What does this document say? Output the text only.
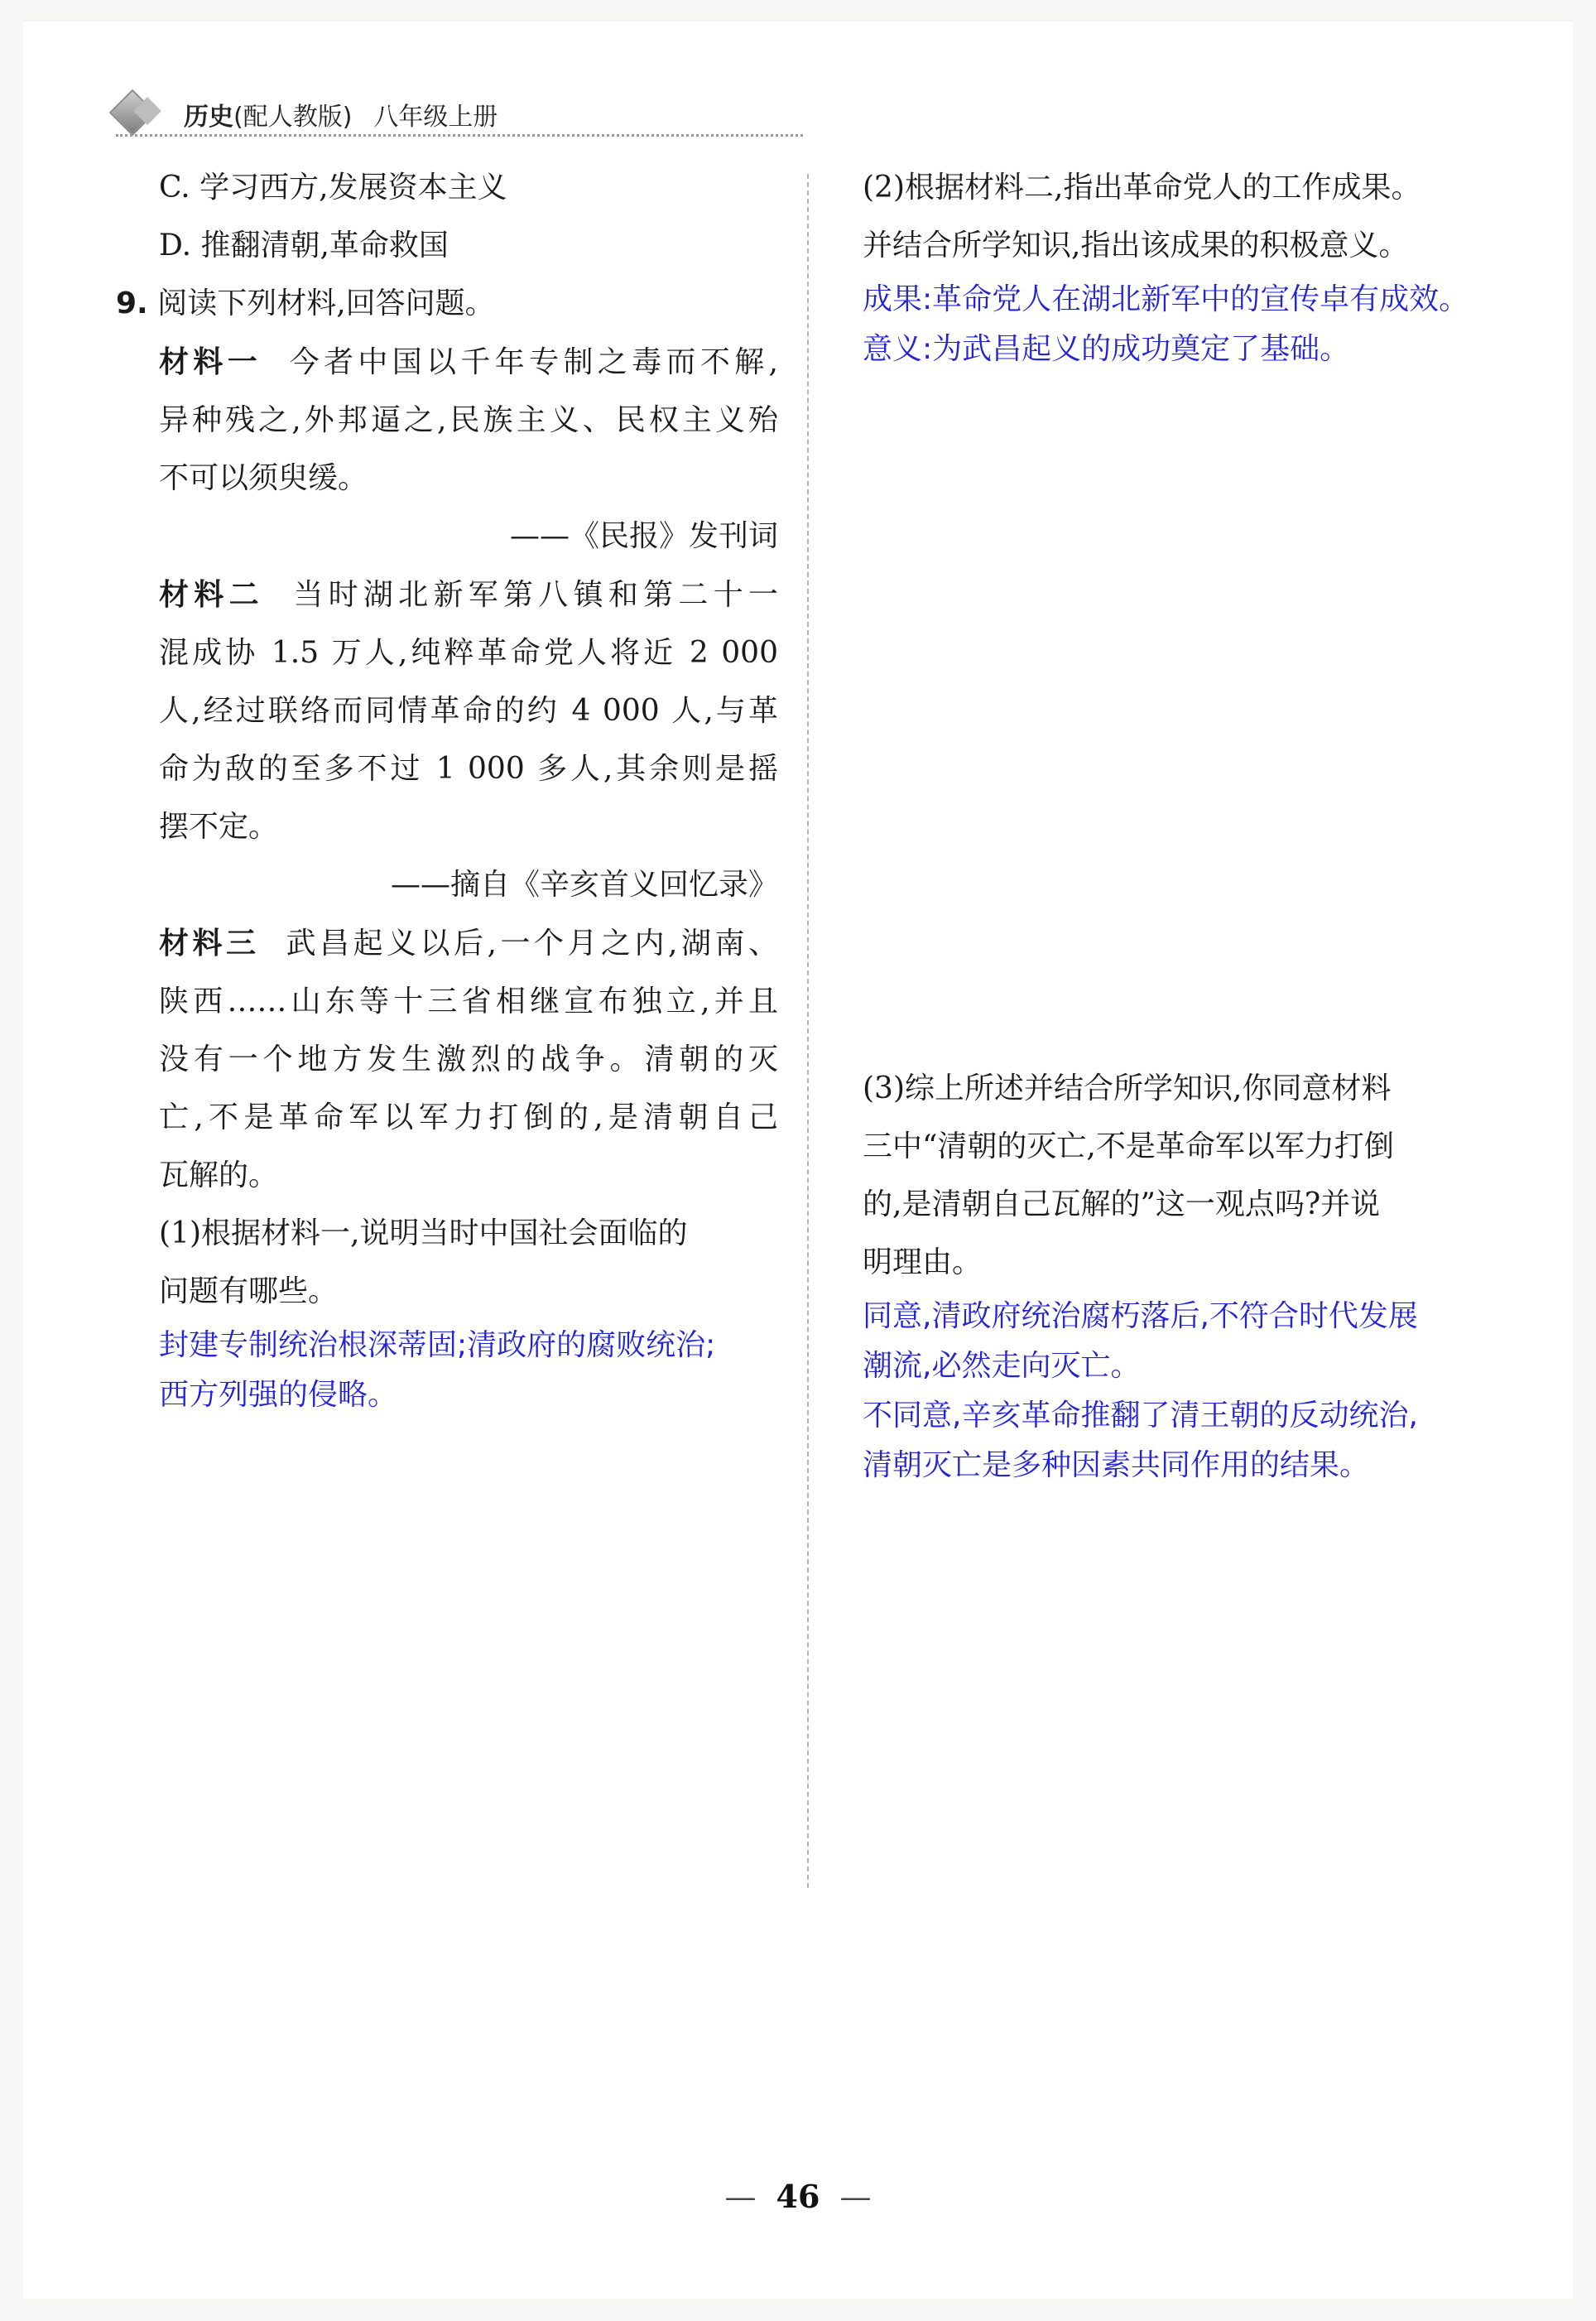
历史(配人教版) 八年级上册
C. 学习西方,发展资本主义
D. 推翻清朝,革命救国
9. 阅读下列材料,回答问题。
材料一 今者中国以千年专制之毒而不解,
异种残之,外邦逼之,民族主义、民权主义殆
不可以须臾缓。
——《民报》发刊词
材料二 当时湖北新军第八镇和第二十一
混成协 1.5 万人,纯粹革命党人将近 2 000
人,经过联络而同情革命的约 4 000 人,与革
命为敌的至多不过 1 000 多人,其余则是摇
摆不定。
——摘自《辛亥首义回忆录》
材料三 武昌起义以后,一个月之内,湖南、
陕西……山东等十三省相继宣布独立,并且
没有一个地方发生激烈的战争。清朝的灭
亡,不是革命军以军力打倒的,是清朝自己
瓦解的。
(1)根据材料一,说明当时中国社会面临的
问题有哪些。
封建专制统治根深蒂固;清政府的腐败统治;
西方列强的侵略。
(2)根据材料二,指出革命党人的工作成果。
并结合所学知识,指出该成果的积极意义。
成果:革命党人在湖北新军中的宣传卓有成效。
意义:为武昌起义的成功奠定了基础。
(3)综上所述并结合所学知识,你同意材料
三中“清朝的灭亡,不是革命军以军力打倒
的,是清朝自己瓦解的”这一观点吗?并说
明理由。
同意,清政府统治腐朽落后,不符合时代发展
潮流,必然走向灭亡。
不同意,辛亥革命推翻了清王朝的反动统治,
清朝灭亡是多种因素共同作用的结果。
— 46 —
